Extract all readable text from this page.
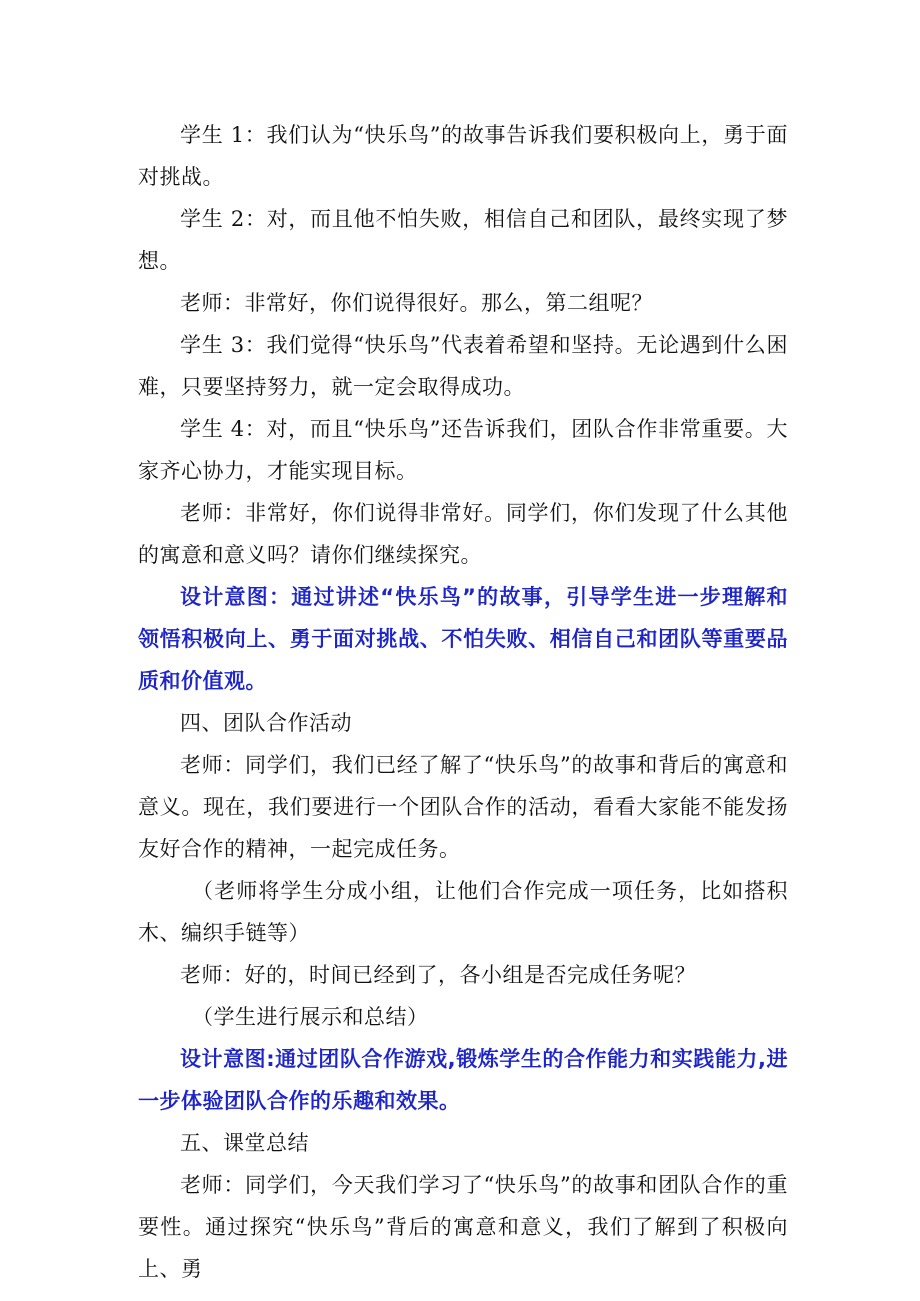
学生 1：我们认为“快乐鸟”的故事告诉我们要积极向上，勇于面对挑战。

学生 2：对，而且他不怕失败，相信自己和团队，最终实现了梦想。

老师：非常好，你们说得很好。那么，第二组呢？

学生 3：我们觉得“快乐鸟”代表着希望和坚持。无论遇到什么困难，只要坚持努力，就一定会取得成功。

学生 4：对，而且“快乐鸟”还告诉我们，团队合作非常重要。大家齐心协力，才能实现目标。

老师：非常好，你们说得非常好。同学们，你们发现了什么其他的寓意和意义吗？请你们继续探究。

设计意图：通过讲述“快乐鸟”的故事，引导学生进一步理解和领悟积极向上、勇于面对挑战、不怕失败、相信自己和团队等重要品质和价值观。

四、团队合作活动

老师：同学们，我们已经了解了“快乐鸟”的故事和背后的寓意和意义。现在，我们要进行一个团队合作的活动，看看大家能不能发扬友好合作的精神，一起完成任务。

（老师将学生分成小组，让他们合作完成一项任务，比如搭积木、编织手链等）

老师：好的，时间已经到了，各小组是否完成任务呢？

（学生进行展示和总结）

设计意图:通过团队合作游戏,锻炼学生的合作能力和实践能力,进一步体验团队合作的乐趣和效果。

五、课堂总结

老师：同学们，今天我们学习了“快乐鸟”的故事和团队合作的重要性。通过探究“快乐鸟”背后的寓意和意义，我们了解到了积极向上、勇
